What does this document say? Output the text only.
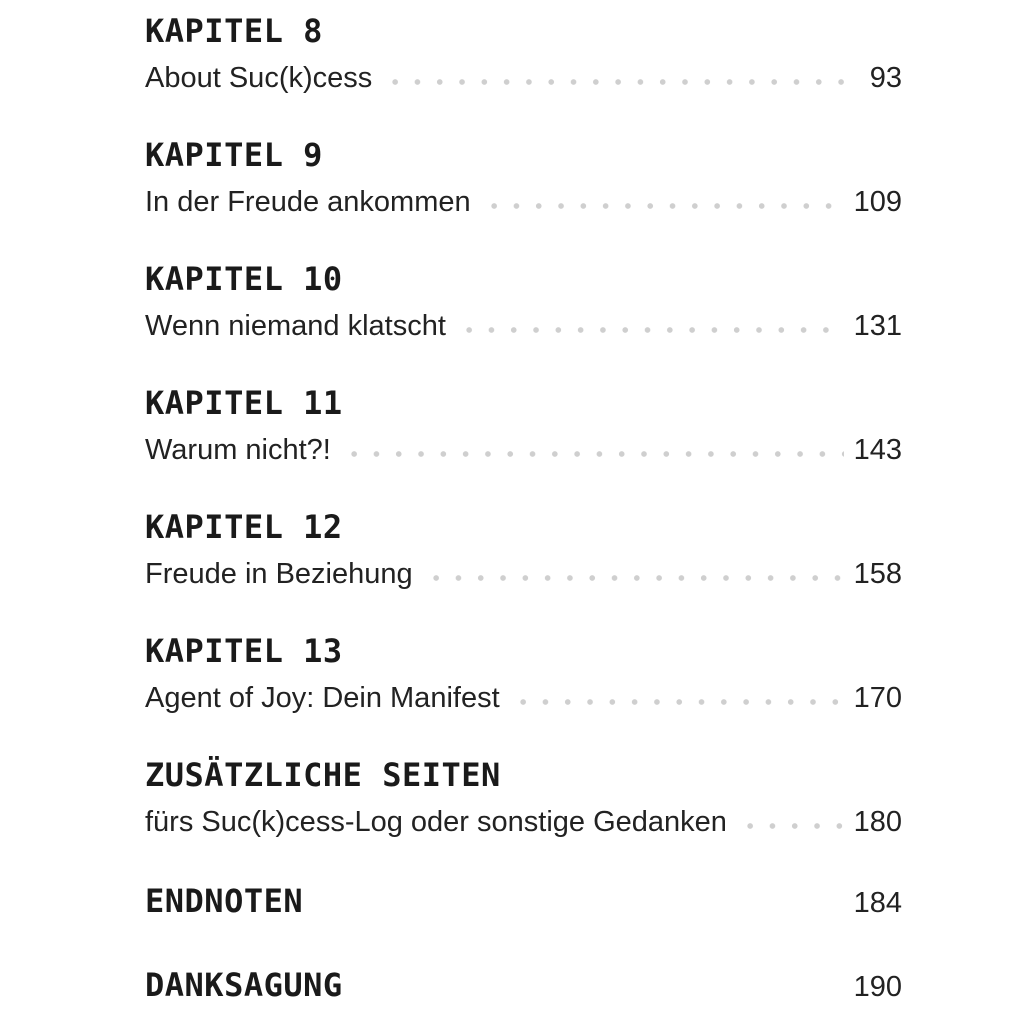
KAPITEL 8
About Suc(k)cess	93
KAPITEL 9
In der Freude ankommen	109
KAPITEL 10
Wenn niemand klatscht	131
KAPITEL 11
Warum nicht?!	143
KAPITEL 12
Freude in Beziehung	158
KAPITEL 13
Agent of Joy: Dein Manifest	170
ZUSÄTZLICHE SEITEN
fürs Suc(k)cess-Log oder sonstige Gedanken	180
ENDNOTEN	184
DANKSAGUNG	190
